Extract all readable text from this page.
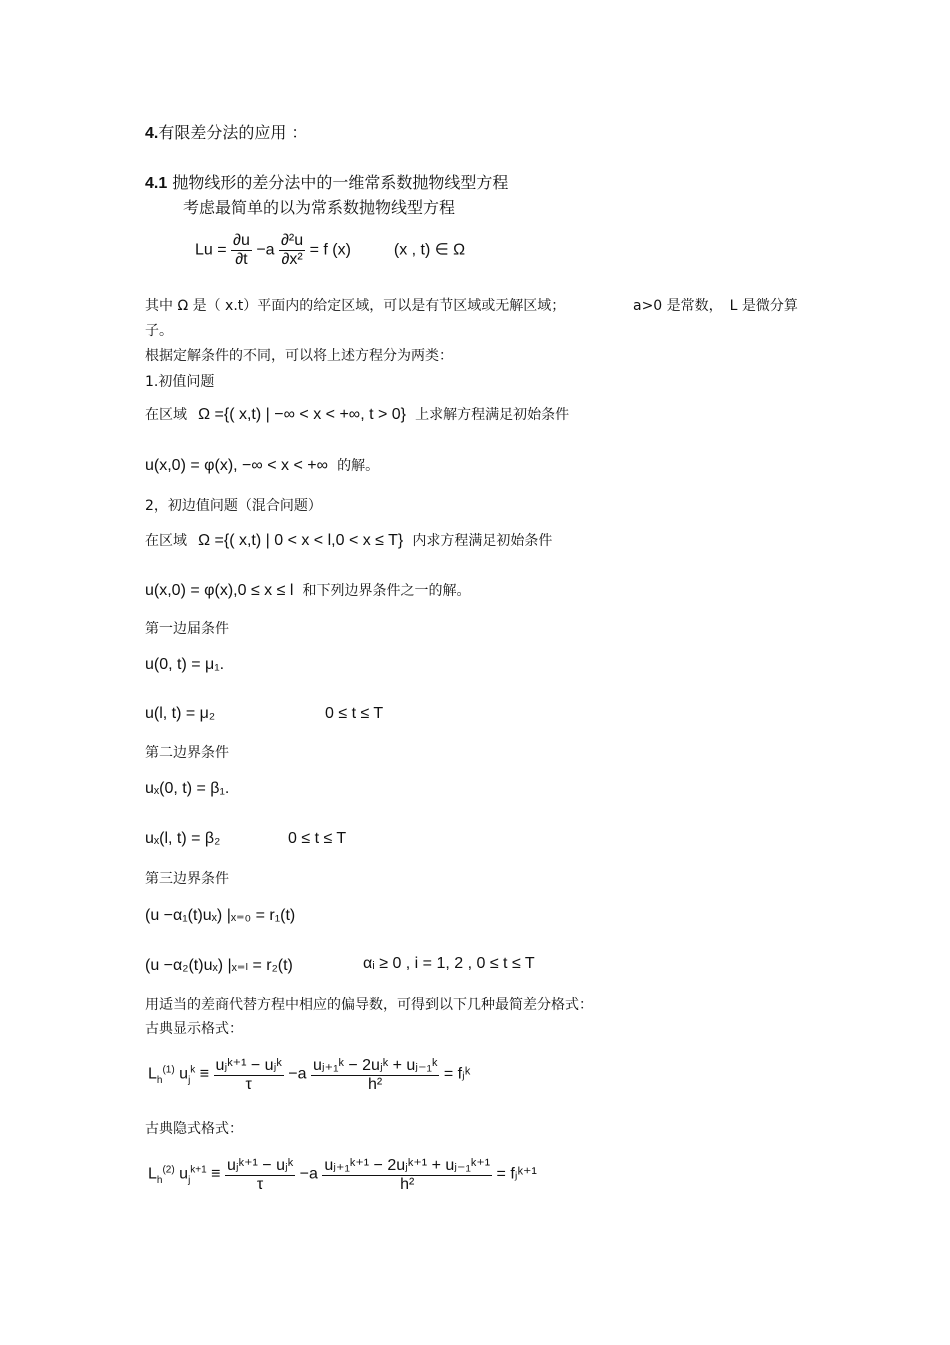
4.有限差分法的应用 ：
4.1 抛物线形的差分法中的一维常系数抛物线型方程
考虑最简单的以为常系数抛物线型方程
$Lu = \frac{\partial u}{\partial t} -a \frac{\text{∂²u}}{\text{∂x²}} = f$ (x)	(x , t) ∈ Ω
其中 Ω 是（ x.t）平面内的给定区域，可以是有节区域或无解区域；	a>0 是常数，　L 是微分算
子。
根据定解条件的不同，可以将上述方程分为两类：
1.初值问题
在区域 Ω ={( x,t) | −∞ < x < +∞, t > 0} 上求解方程满足初始条件
u(x,0) = φ(x), −∞ < x < +∞ 的解。
2，初边值问题（混合问题）
在区域 Ω ={( x,t) | 0 < x < l,0 < x ≤ T} 内求方程满足初始条件
u(x,0) = φ(x),0 ≤ x ≤ l 和下列边界条件之一的解。
第一边届条件
u(0, t) = μ₁.
u(l, t) = μ₂	0 ≤ t ≤ T
第二边界条件
uₓ(0, t) = β₁.
uₓ(l, t) = β₂	0 ≤ t ≤ T
第三边界条件
(u −α₁(t)uₓ) |ₓ₌₀ = r₁(t)
(u −α₂(t)uₓ) |ₓ₌ₗ = r₂(t)	αᵢ ≥ 0 , i = 1, 2 , 0 ≤ t ≤ T
用适当的差商代替方程中相应的偏导数，可得到以下几种最简差分格式：
古典显示格式：
$L_h^{(1)}$ $u_j^k \equiv \frac{\text{uⱼᵏ⁺¹ − uⱼᵏ}}{\tau} -a \frac{\text{uⱼ₊₁ᵏ − 2uⱼᵏ + uⱼ₋₁ᵏ}}{\text{h²}}$ = fⱼᵏ
古典隐式格式：
$L_h^{(2)}$ $u_j^{k+1} \equiv \frac{\text{uⱼᵏ⁺¹ − uⱼᵏ}}{\tau} -a \frac{\text{uⱼ₊₁ᵏ⁺¹ − 2uⱼᵏ⁺¹ + uⱼ₋₁ᵏ⁺¹}}{\text{h²}}$ = fⱼᵏ⁺¹
